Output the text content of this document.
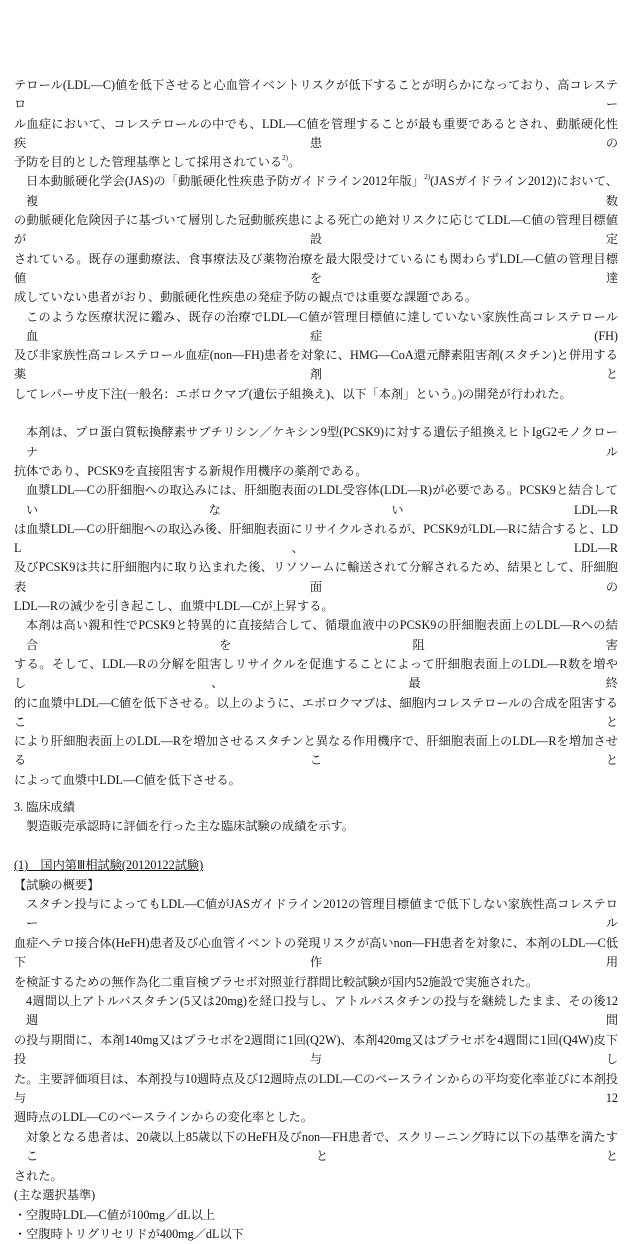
テロール(LDL―C)値を低下させると心血管イベントリスクが低下することが明らかになっており、高コレステロー
ル血症において、コレステロールの中でも、LDL―C値を管理することが最も重要であるとされ、動脈硬化性疾患の
予防を目的とした管理基準として採用されている$^{2)}$。
日本動脈硬化学会(JAS)の「動脈硬化性疾患予防ガイドライン2012年版」$^{2)}$(JASガイドライン2012)において、複数
の動脈硬化危険因子に基づいて層別した冠動脈疾患による死亡の絶対リスクに応じてLDL―C値の管理目標値が設定
されている。既存の運動療法、食事療法及び薬物治療を最大限受けているにも関わらずLDL―C値の管理目標値を達
成していない患者がおり、動脈硬化性疾患の発症予防の観点では重要な課題である。
このような医療状況に鑑み、既存の治療でLDL―C値が管理目標値に達していない家族性高コレステロール血症(FH)
及び非家族性高コレステロール血症(non―FH)患者を対象に、HMG―CoA還元酵素阻害剤(スタチン)と併用する薬剤と
してレパーサ皮下注(一般名：エボロクマブ(遺伝子組換え)、以下「本剤」という。)の開発が行われた。
本剤は、プロ蛋白質転換酵素サブチリシン／ケキシン9型(PCSK9)に対する遺伝子組換えヒトIgG2モノクローナル
抗体であり、PCSK9を直接阻害する新規作用機序の薬剤である。
血漿LDL―Cの肝細胞への取込みには、肝細胞表面のLDL受容体(LDL―R)が必要である。PCSK9と結合していないLDL―R
は血漿LDL―Cの肝細胞への取込み後、肝細胞表面にリサイクルされるが、PCSK9がLDL―Rに結合すると、LDL、LDL―R
及びPCSK9は共に肝細胞内に取り込まれた後、リソソームに輸送されて分解されるため、結果として、肝細胞表面の
LDL―Rの減少を引き起こし、血漿中LDL―Cが上昇する。
本剤は高い親和性でPCSK9と特異的に直接結合して、循環血液中のPCSK9の肝細胞表面上のLDL―Rへの結合を阻害
する。そして、LDL―Rの分解を阻害しリサイクルを促進することによって肝細胞表面上のLDL―R数を増やし、最終
的に血漿中LDL―C値を低下させる。以上のように、エボロクマブは、細胞内コレステロールの合成を阻害すること
により肝細胞表面上のLDL―Rを増加させるスタチンと異なる作用機序で、肝細胞表面上のLDL―Rを増加させること
によって血漿中LDL―C値を低下させる。
3. 臨床成績
製造販売承認時に評価を行った主な臨床試験の成績を示す。
(1)　国内第Ⅲ相試験(20120122試験)
【試験の概要】
スタチン投与によってもLDL―C値がJASガイドライン2012の管理目標値まで低下しない家族性高コレステロール
血症ヘテロ接合体(HeFH)患者及び心血管イベントの発現リスクが高いnon―FH患者を対象に、本剤のLDL―C低下作用
を検証するための無作為化二重盲検プラセボ対照並行群間比較試験が国内52施設で実施された。
4週間以上アトルバスタチン(5又は20mg)を経口投与し、アトルバスタチンの投与を継続したまま、その後12週間
の投与期間に、本剤140mg又はプラセボを2週間に1回(Q2W)、本剤420mg又はプラセボを4週間に1回(Q4W)皮下投与し
た。主要評価項目は、本剤投与10週時点及び12週時点のLDL―Cのベースラインからの平均変化率並びに本剤投与12
週時点のLDL―Cのベースラインからの変化率とした。
対象となる患者は、20歳以上85歳以下のHeFH及びnon―FH患者で、スクリーニング時に以下の基準を満たすことと
された。
(主な選択基準)
・空腹時LDL―C値が100mg／dL以上
・空腹時トリグリセリドが400mg／dL以下
